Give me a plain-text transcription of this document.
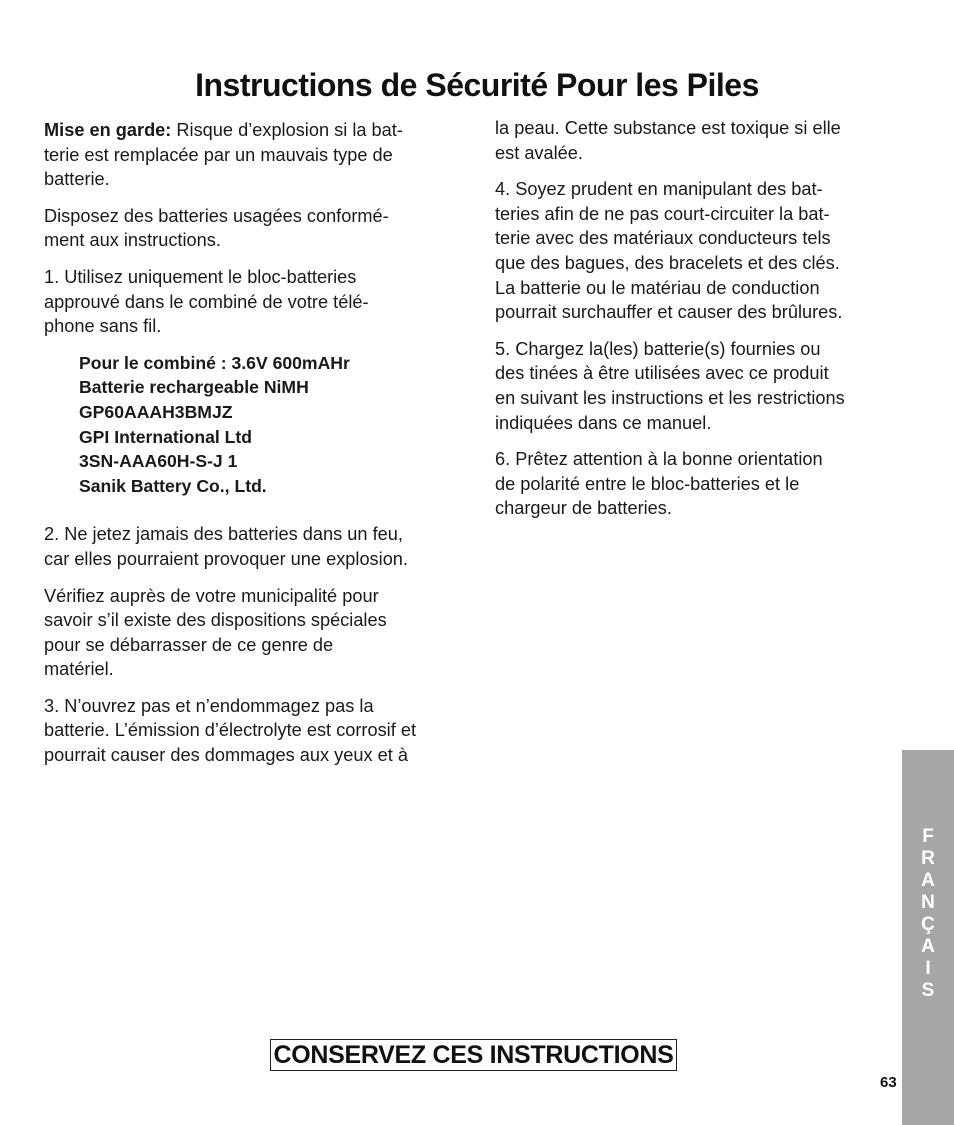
Instructions de Sécurité Pour les Piles

Mise en garde: Risque d’explosion si la bat-
terie est remplacée par un mauvais type de
batterie.

Disposez des batteries usagées conformé-
ment aux instructions.

1. Utilisez uniquement le bloc-batteries
approuvé dans le combiné de votre télé-
phone sans fil.

Pour le combiné : 3.6V 600mAHr
Batterie rechargeable NiMH
GP60AAAH3BMJZ
GPI International Ltd
3SN-AAA60H-S-J 1
Sanik Battery Co., Ltd.

2. Ne jetez jamais des batteries dans un feu,
car elles pourraient provoquer une explosion.

Vérifiez auprès de votre municipalité pour
savoir s’il existe des dispositions spéciales
pour se débarrasser de ce genre de
matériel.

3. N’ouvrez pas et n’endommagez pas la
batterie. L’émission d’électrolyte est corrosif et
pourrait causer des dommages aux yeux et à

la peau. Cette substance est toxique si elle
est avalée.

4. Soyez prudent en manipulant des bat-
teries afin de ne pas court-circuiter la bat-
terie avec des matériaux conducteurs tels
que des bagues, des bracelets et des clés.
La batterie ou le matériau de conduction
pourrait surchauffer et causer des brûlures.

5. Chargez la(les) batterie(s) fournies ou
des tinées à être utilisées avec ce produit
en suivant les instructions et les restrictions
indiquées dans ce manuel.

6. Prêtez attention à la bonne orientation
de polarité entre le bloc-batteries et le
chargeur de batteries.

CONSERVEZ CES INSTRUCTIONS
F
R
A
N
Ç
A
I
S
63
